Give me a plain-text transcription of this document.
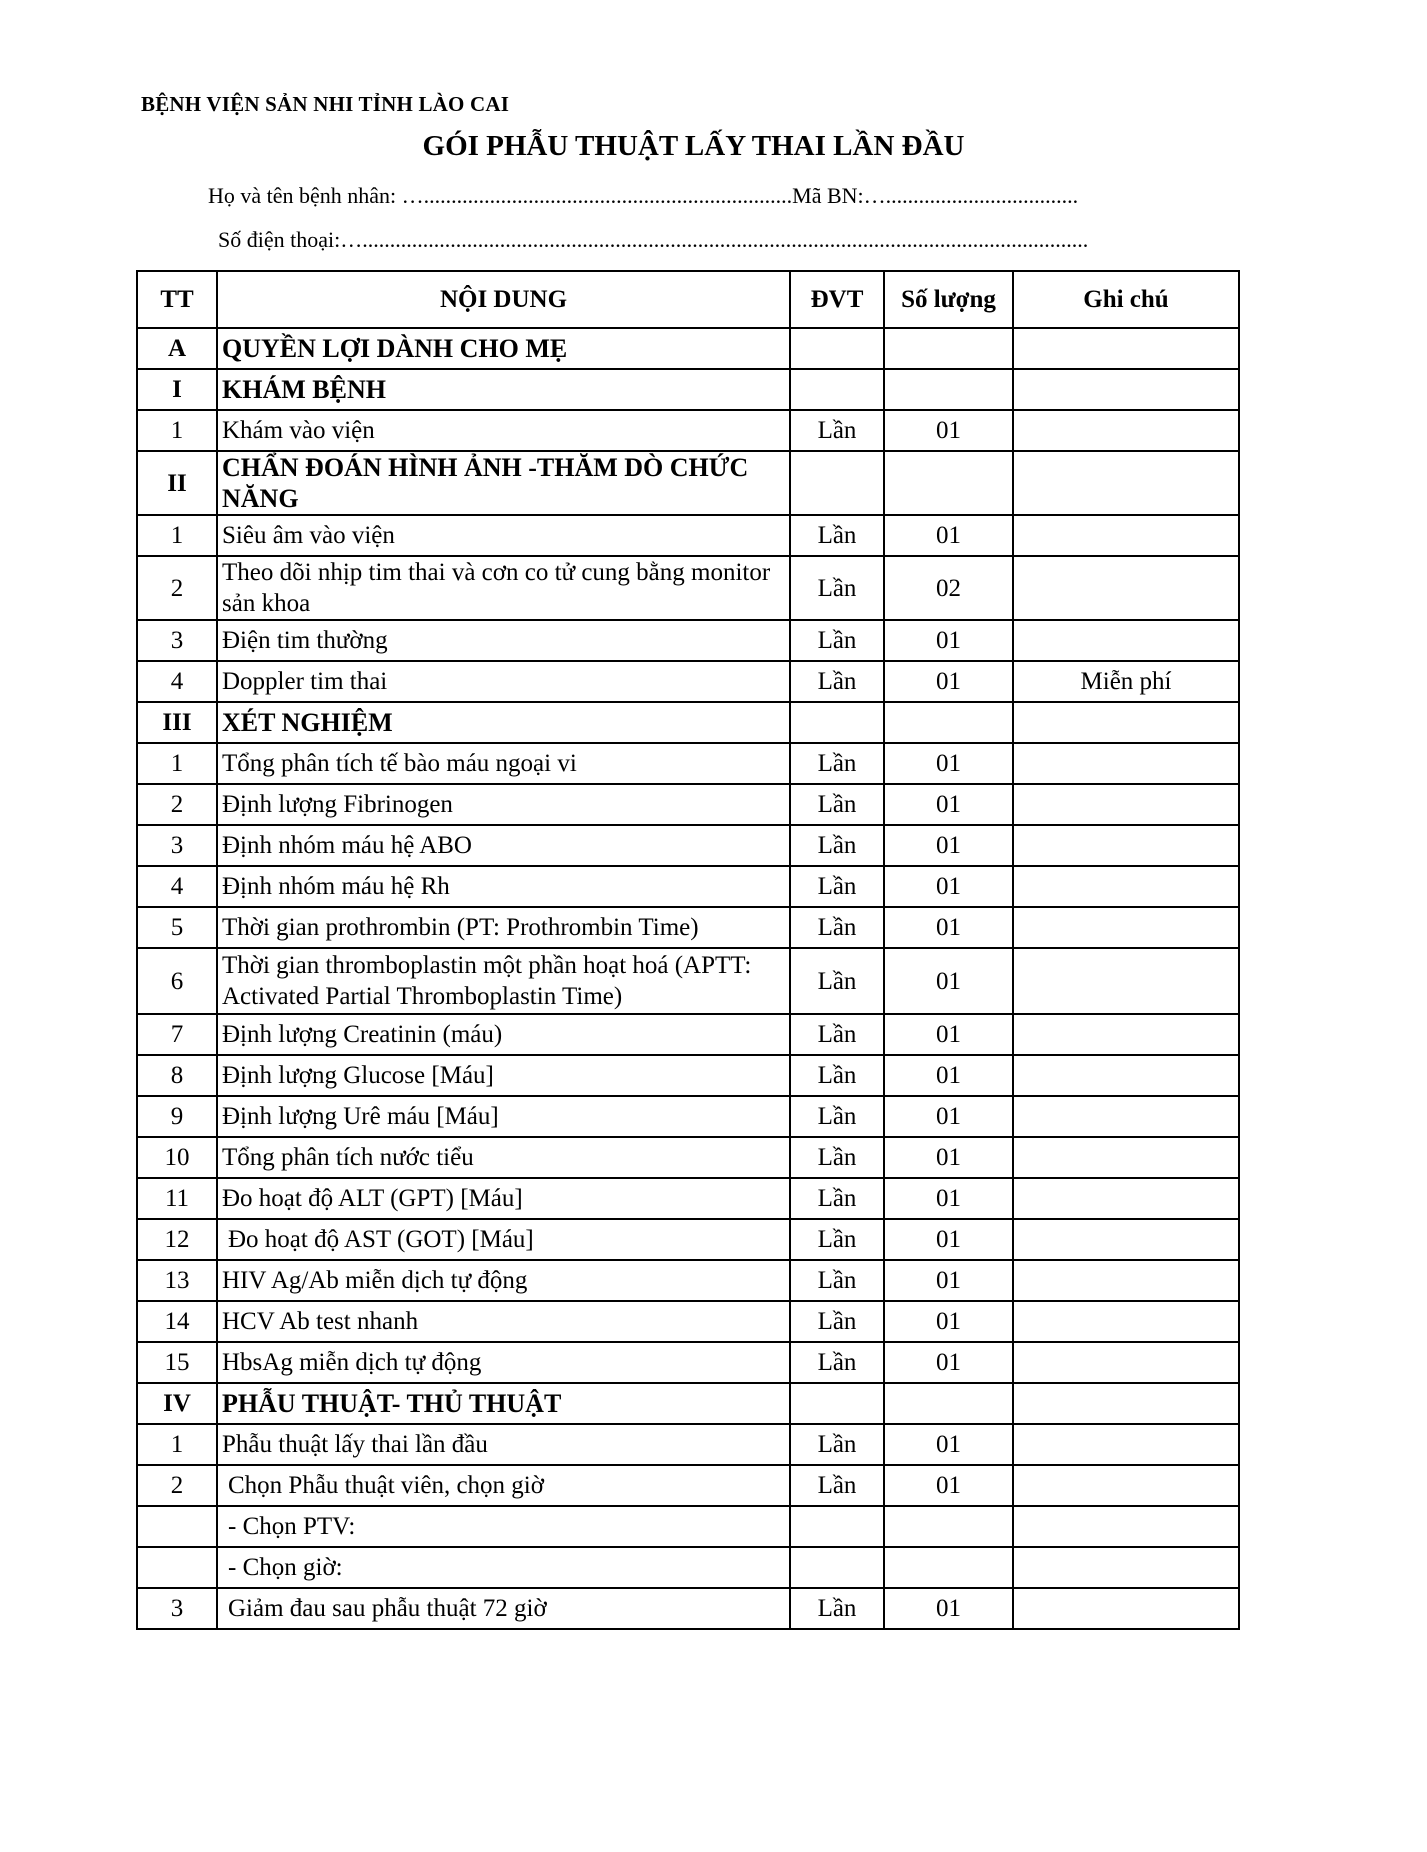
BỆNH VIỆN SẢN NHI TỈNH LÀO CAI
GÓI PHẪU THUẬT LẤY THAI LẦN ĐẦU
Họ và tên bệnh nhân: …...................................................................Mã BN:…...................................
Số điện thoại:…....................................................................................................................................
TT	NỘI DUNG	ĐVT	Số lượng	Ghi chú
A	QUYỀN LỢI DÀNH CHO MẸ			
I	KHÁM BỆNH			
1	Khám vào viện	Lần	01	
II	CHẨN ĐOÁN HÌNH ẢNH -THĂM DÒ CHỨC NĂNG			
1	Siêu âm vào viện	Lần	01	
2	Theo dõi nhịp tim thai và cơn co tử cung bằng monitor sản khoa	Lần	02	
3	Điện tim thường	Lần	01	
4	Doppler tim thai	Lần	01	Miễn phí
III	XÉT NGHIỆM			
1	Tổng phân tích tế bào máu ngoại vi	Lần	01	
2	Định lượng Fibrinogen	Lần	01	
3	Định nhóm máu hệ ABO	Lần	01	
4	Định nhóm máu hệ Rh	Lần	01	
5	Thời gian prothrombin (PT: Prothrombin Time)	Lần	01	
6	Thời gian thromboplastin một phần hoạt hoá (APTT: Activated Partial Thromboplastin Time)	Lần	01	
7	Định lượng Creatinin (máu)	Lần	01	
8	Định lượng Glucose [Máu]	Lần	01	
9	Định lượng Urê máu [Máu]	Lần	01	
10	Tổng phân tích nước tiểu	Lần	01	
11	Đo hoạt độ ALT (GPT) [Máu]	Lần	01	
12	Đo hoạt độ AST (GOT) [Máu]	Lần	01	
13	HIV Ag/Ab miễn dịch tự động	Lần	01	
14	HCV Ab test nhanh	Lần	01	
15	HbsAg miễn dịch tự động	Lần	01	
IV	PHẪU THUẬT- THỦ THUẬT			
1	Phẫu thuật lấy thai lần đầu	Lần	01	
2	Chọn Phẫu thuật viên, chọn giờ	Lần	01	
	- Chọn PTV:			
	- Chọn giờ:			
3	Giảm đau sau phẫu thuật 72 giờ	Lần	01	
